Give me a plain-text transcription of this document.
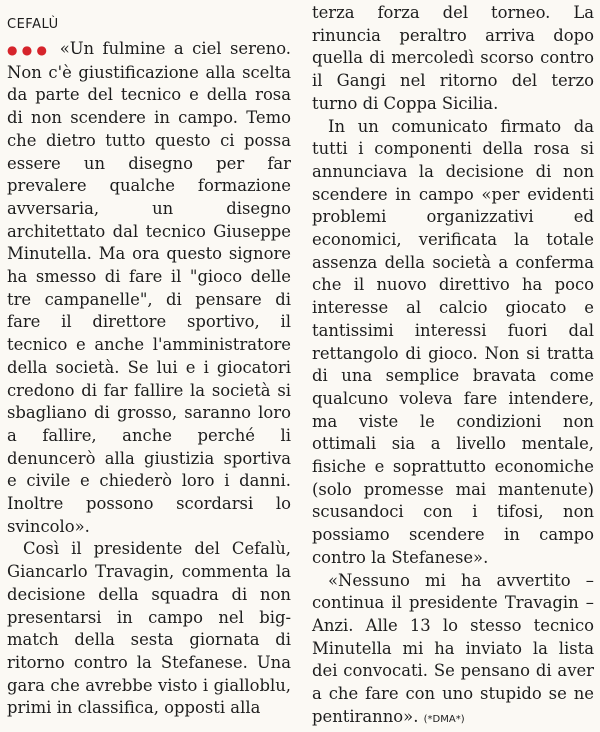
CEFALÙ

●●● «Un fulmine a ciel sereno. Non c'è giustificazione alla scelta da parte del tecnico e della rosa di non scendere in campo. Temo che dietro tutto questo ci possa essere un disegno per far prevalere qualche formazione avversaria, un disegno architettato dal tecnico Giuseppe Minutella. Ma ora questo signore ha smesso di fare il "gioco delle tre campanelle", di pensare di fare il direttore sportivo, il tecnico e anche l'amministratore della società. Se lui e i giocatori credono di far fallire la società si sbagliano di grosso, saranno loro a fallire, anche perché li denuncerò alla giustizia sportiva e civile e chiederò loro i danni. Inoltre possono scordarsi lo svincolo».

Così il presidente del Cefalù, Giancarlo Travagin, commenta la decisione della squadra di non presentarsi in campo nel big-match della sesta giornata di ritorno contro la Stefanese. Una gara che avrebbe visto i gialloblu, primi in classifica, opposti alla

terza forza del torneo. La rinuncia peraltro arriva dopo quella di mercoledì scorso contro il Gangi nel ritorno del terzo turno di Coppa Sicilia.

In un comunicato firmato da tutti i componenti della rosa si annunciava la decisione di non scendere in campo «per evidenti problemi organizzativi ed economici, verificata la totale assenza della società a conferma che il nuovo direttivo ha poco interesse al calcio giocato e tantissimi interessi fuori dal rettangolo di gioco. Non si tratta di una semplice bravata come qualcuno voleva fare intendere, ma viste le condizioni non ottimali sia a livello mentale, fisiche e soprattutto economiche (solo promesse mai mantenute) scusandoci con i tifosi, non possiamo scendere in campo contro la Stefanese».

«Nessuno mi ha avvertito – continua il presidente Travagin – Anzi. Alle 13 lo stesso tecnico Minutella mi ha inviato la lista dei convocati. Se pensano di aver a che fare con uno stupido se ne pentiranno». (*DMA*)
